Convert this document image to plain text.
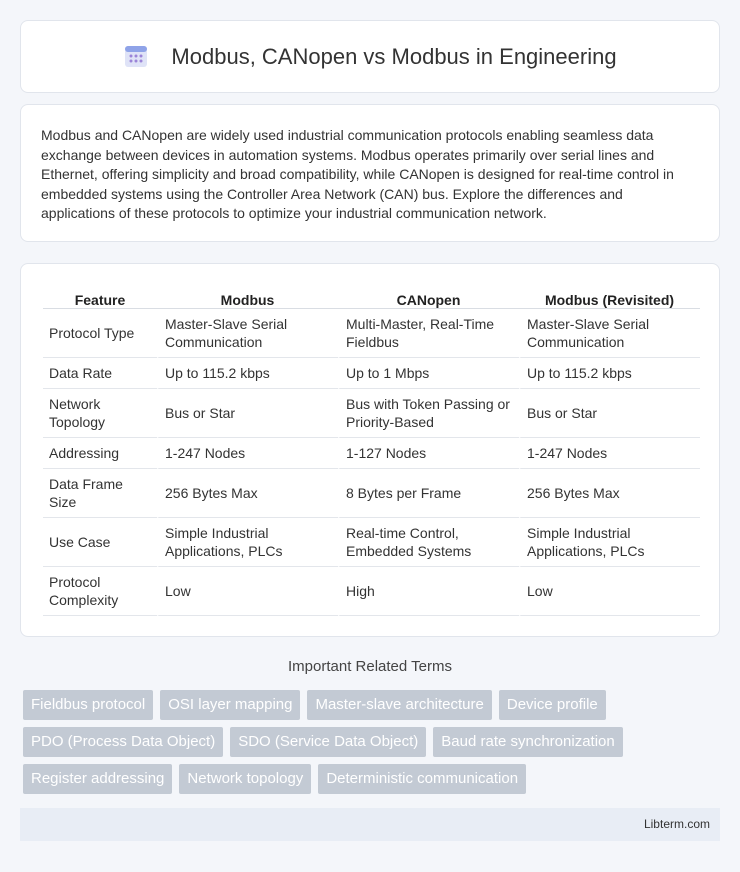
Modbus, CANopen vs Modbus in Engineering

Modbus and CANopen are widely used industrial communication protocols enabling seamless data exchange between devices in automation systems. Modbus operates primarily over serial lines and Ethernet, offering simplicity and broad compatibility, while CANopen is designed for real-time control in embedded systems using the Controller Area Network (CAN) bus. Explore the differences and applications of these protocols to optimize your industrial communication network.

Feature	Modbus	CANopen	Modbus (Revisited)
Protocol Type	Master-Slave Serial Communication	Multi-Master, Real-Time Fieldbus	Master-Slave Serial Communication
Data Rate	Up to 115.2 kbps	Up to 1 Mbps	Up to 115.2 kbps
Network Topology	Bus or Star	Bus with Token Passing or Priority-Based	Bus or Star
Addressing	1-247 Nodes	1-127 Nodes	1-247 Nodes
Data Frame Size	256 Bytes Max	8 Bytes per Frame	256 Bytes Max
Use Case	Simple Industrial Applications, PLCs	Real-time Control, Embedded Systems	Simple Industrial Applications, PLCs
Protocol Complexity	Low	High	Low
Important Related Terms
Fieldbus protocol	OSI layer mapping	Master-slave architecture	Device profile
PDO (Process Data Object)	SDO (Service Data Object)	Baud rate synchronization
Register addressing	Network topology	Deterministic communication
Libterm.com
